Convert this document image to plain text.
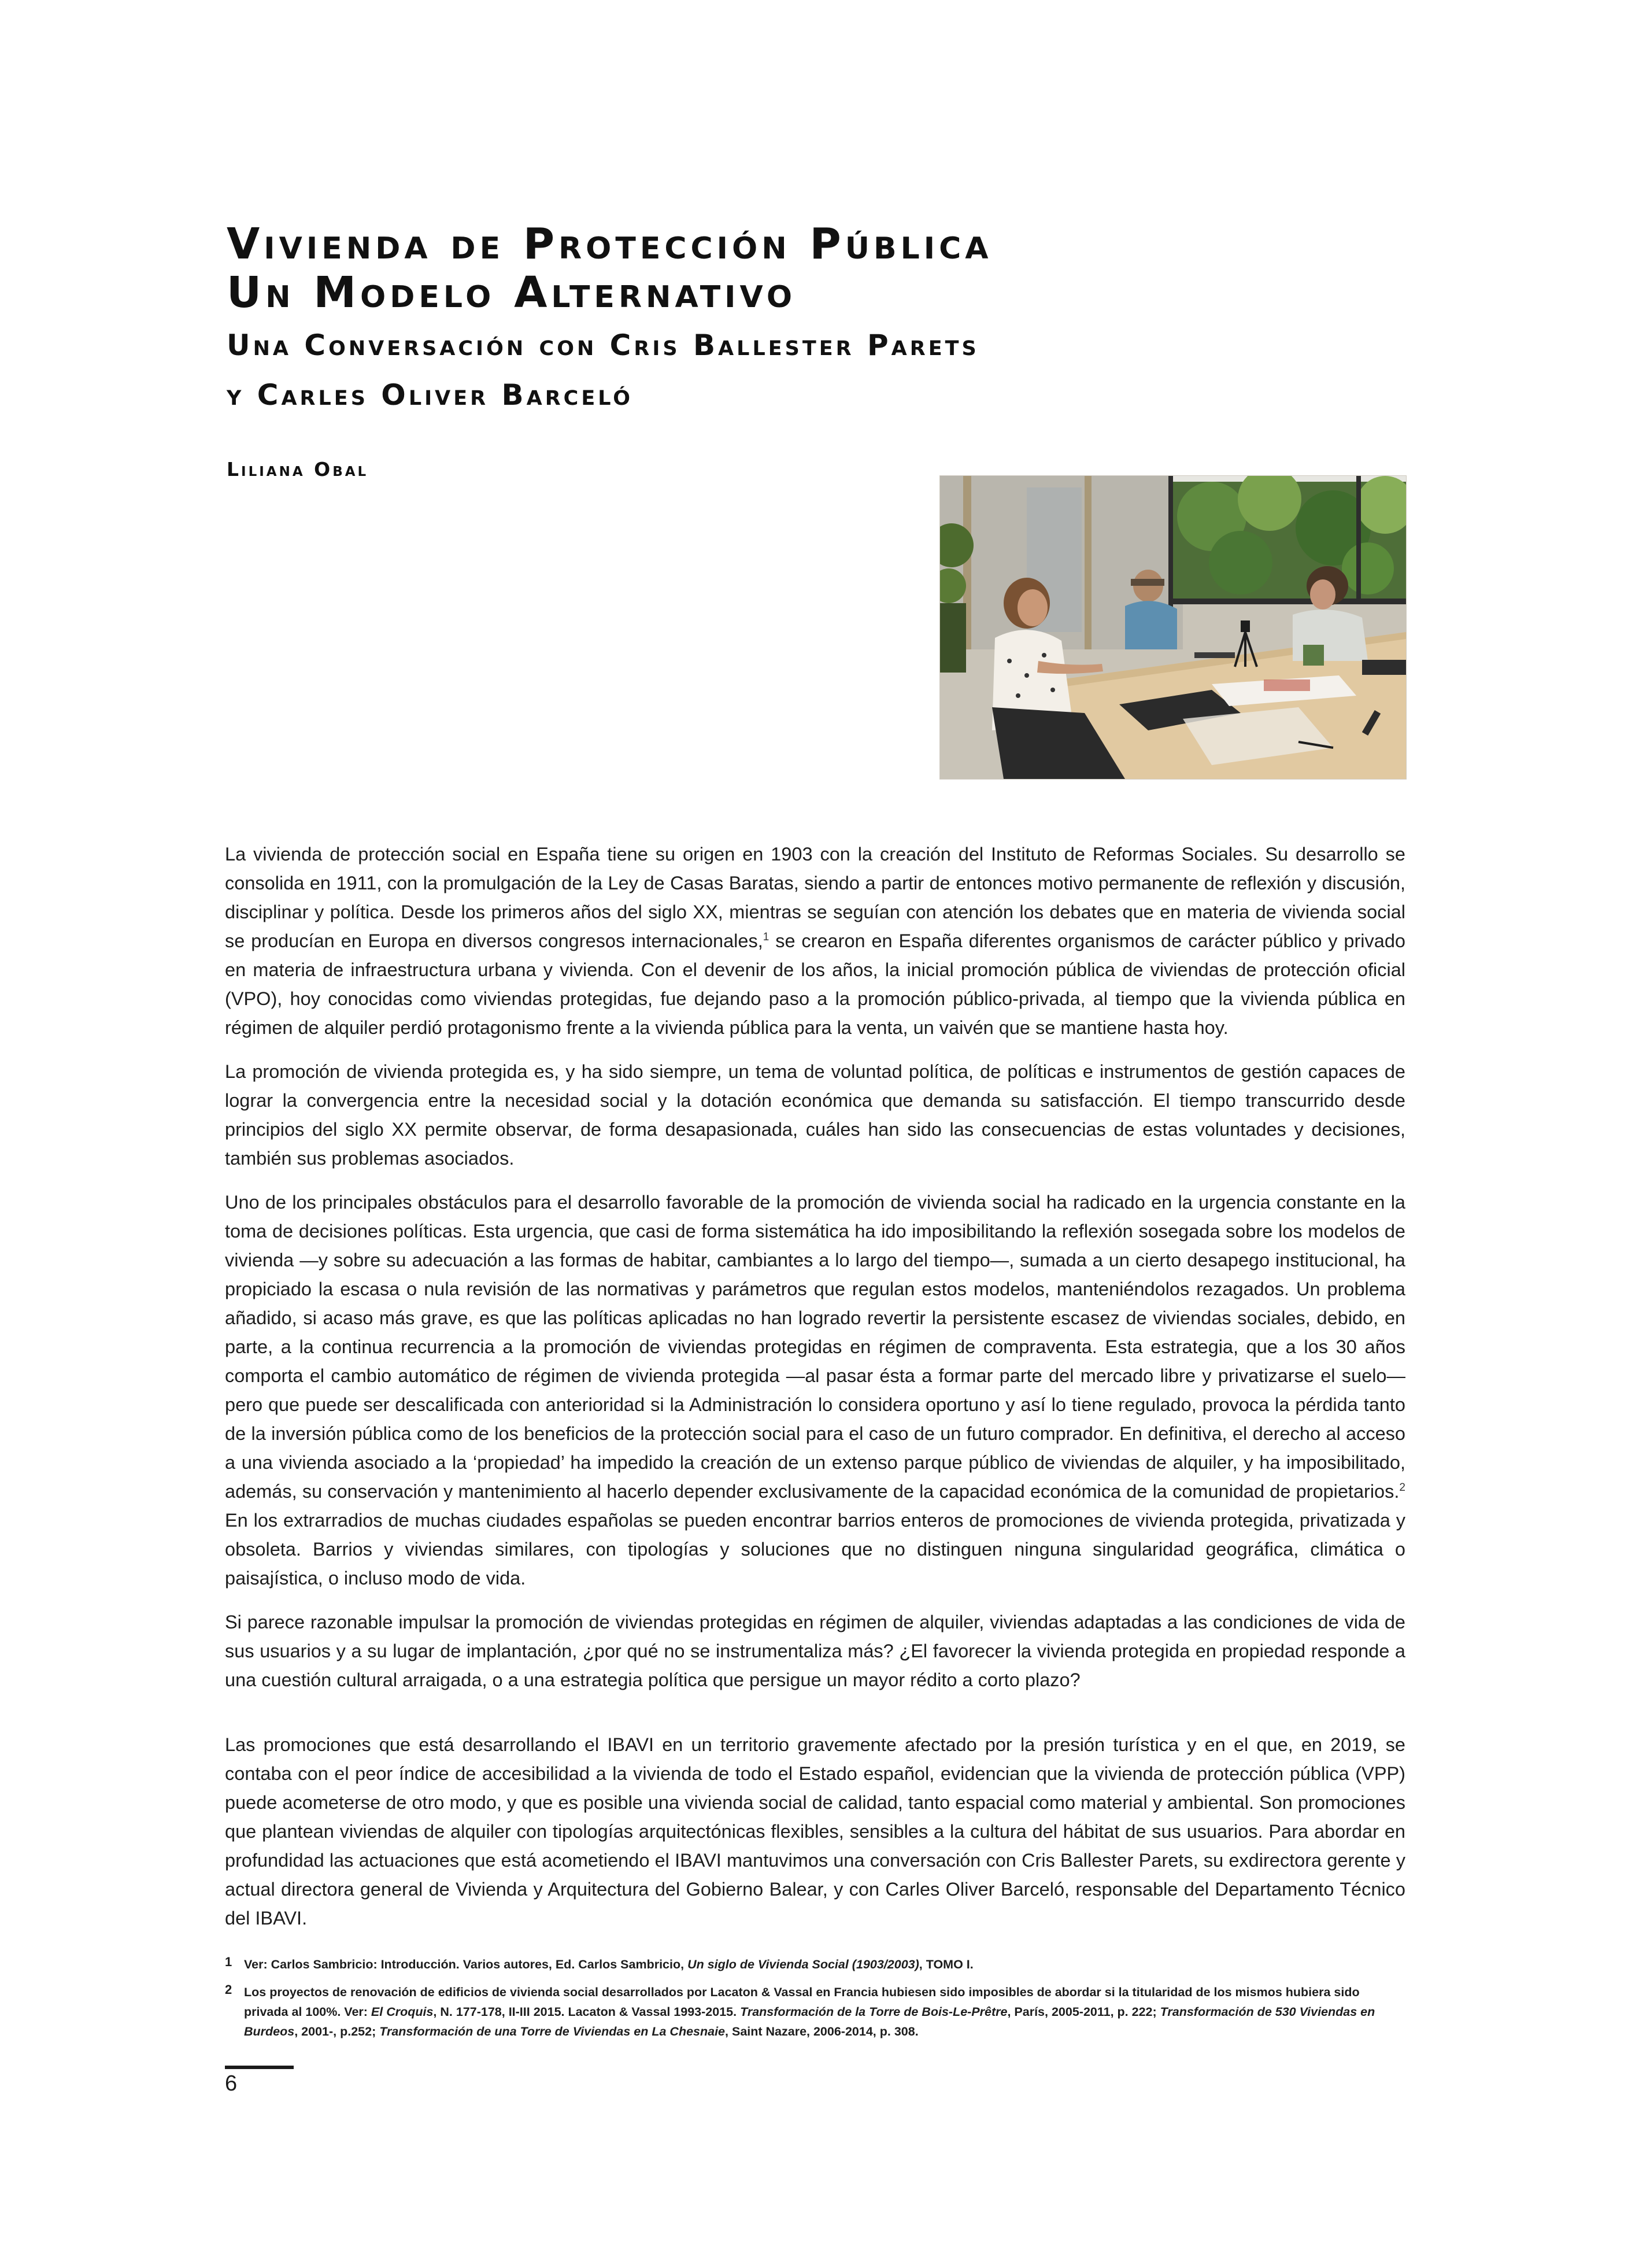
Vivienda de Protección Pública
Un Modelo Alternativo
Una Conversación con Cris Ballester Parets
y Carles Oliver Barceló
Liliana Obal

La vivienda de protección social en España tiene su origen en 1903 con la creación del Instituto de Reformas Sociales. Su desarrollo se consolida en 1911, con la promulgación de la Ley de Casas Baratas, siendo a partir de entonces motivo permanente de reflexión y discusión, disciplinar y política. Desde los primeros años del siglo XX, mientras se seguían con atención los debates que en materia de vivienda social se producían en Europa en diversos congresos internacionales,$^1$ se crearon en España diferentes organismos de carácter público y privado en materia de infraestructura urbana y vivienda. Con el devenir de los años, la inicial promoción pública de viviendas de protección oficial (VPO), hoy conocidas como viviendas protegidas, fue dejando paso a la promoción público-privada, al tiempo que la vivienda pública en régimen de alquiler perdió protagonismo frente a la vivienda pública para la venta, un vaivén que se mantiene hasta hoy.

La promoción de vivienda protegida es, y ha sido siempre, un tema de voluntad política, de políticas e instrumentos de gestión capaces de lograr la convergencia entre la necesidad social y la dotación económica que demanda su satisfacción. El tiempo transcurrido desde principios del siglo XX permite observar, de forma desapasionada, cuáles han sido las consecuencias de estas voluntades y decisiones, también sus problemas asociados.

Uno de los principales obstáculos para el desarrollo favorable de la promoción de vivienda social ha radicado en la urgencia constante en la toma de decisiones políticas. Esta urgencia, que casi de forma sistemática ha ido imposibilitando la reflexión sosegada sobre los modelos de vivienda —y sobre su adecuación a las formas de habitar, cambiantes a lo largo del tiempo—, sumada a un cierto desapego institucional, ha propiciado la escasa o nula revisión de las normativas y parámetros que regulan estos modelos, manteniéndolos rezagados. Un problema añadido, si acaso más grave, es que las políticas aplicadas no han logrado revertir la persistente escasez de viviendas sociales, debido, en parte, a la continua recurrencia a la promoción de viviendas protegidas en régimen de compraventa. Esta estrategia, que a los 30 años comporta el cambio automático de régimen de vivienda protegida —al pasar ésta a formar parte del mercado libre y privatizarse el suelo— pero que puede ser descalificada con anterioridad si la Administración lo considera oportuno y así lo tiene regulado, provoca la pérdida tanto de la inversión pública como de los beneficios de la protección social para el caso de un futuro comprador. En definitiva, el derecho al acceso a una vivienda asociado a la ‘propiedad’ ha impedido la creación de un extenso parque público de viviendas de alquiler, y ha imposibilitado, además, su conservación y mantenimiento al hacerlo depender exclusivamente de la capacidad económica de la comunidad de propietarios.$^2$ En los extrarradios de muchas ciudades españolas se pueden encontrar barrios enteros de promociones de vivienda protegida, privatizada y obsoleta. Barrios y viviendas similares, con tipologías y soluciones que no distinguen ninguna singularidad geográfica, climática o paisajística, o incluso modo de vida.

Si parece razonable impulsar la promoción de viviendas protegidas en régimen de alquiler, viviendas adaptadas a las condiciones de vida de sus usuarios y a su lugar de implantación, ¿por qué no se instrumentaliza más? ¿El favorecer la vivienda protegida en propiedad responde a una cuestión cultural arraigada, o a una estrategia política que persigue un mayor rédito a corto plazo?

Las promociones que está desarrollando el IBAVI en un territorio gravemente afectado por la presión turística y en el que, en 2019, se contaba con el peor índice de accesibilidad a la vivienda de todo el Estado español, evidencian que la vivienda de protección pública (VPP) puede acometerse de otro modo, y que es posible una vivienda social de calidad, tanto espacial como material y ambiental. Son promociones que plantean viviendas de alquiler con tipologías arquitectónicas flexibles, sensibles a la cultura del hábitat de sus usuarios. Para abordar en profundidad las actuaciones que está acometiendo el IBAVI mantuvimos una conversación con Cris Ballester Parets, su exdirectora gerente y actual directora general de Vivienda y Arquitectura del Gobierno Balear, y con Carles Oliver Barceló, responsable del Departamento Técnico del IBAVI.

1 Ver: Carlos Sambricio: Introducción. Varios autores, Ed. Carlos Sambricio, Un siglo de Vivienda Social (1903/2003), TOMO I.
2 Los proyectos de renovación de edificios de vivienda social desarrollados por Lacaton & Vassal en Francia hubiesen sido imposibles de abordar si la titularidad de los mismos hubiera sido privada al 100%. Ver: El Croquis, N. 177-178, II-III 2015. Lacaton & Vassal 1993-2015. Transformación de la Torre de Bois-Le-Prêtre, París, 2005-2011, p. 222; Transformación de 530 Viviendas en Burdeos, 2001-, p.252; Transformación de una Torre de Viviendas en La Chesnaie, Saint Nazare, 2006-2014, p. 308.
6
